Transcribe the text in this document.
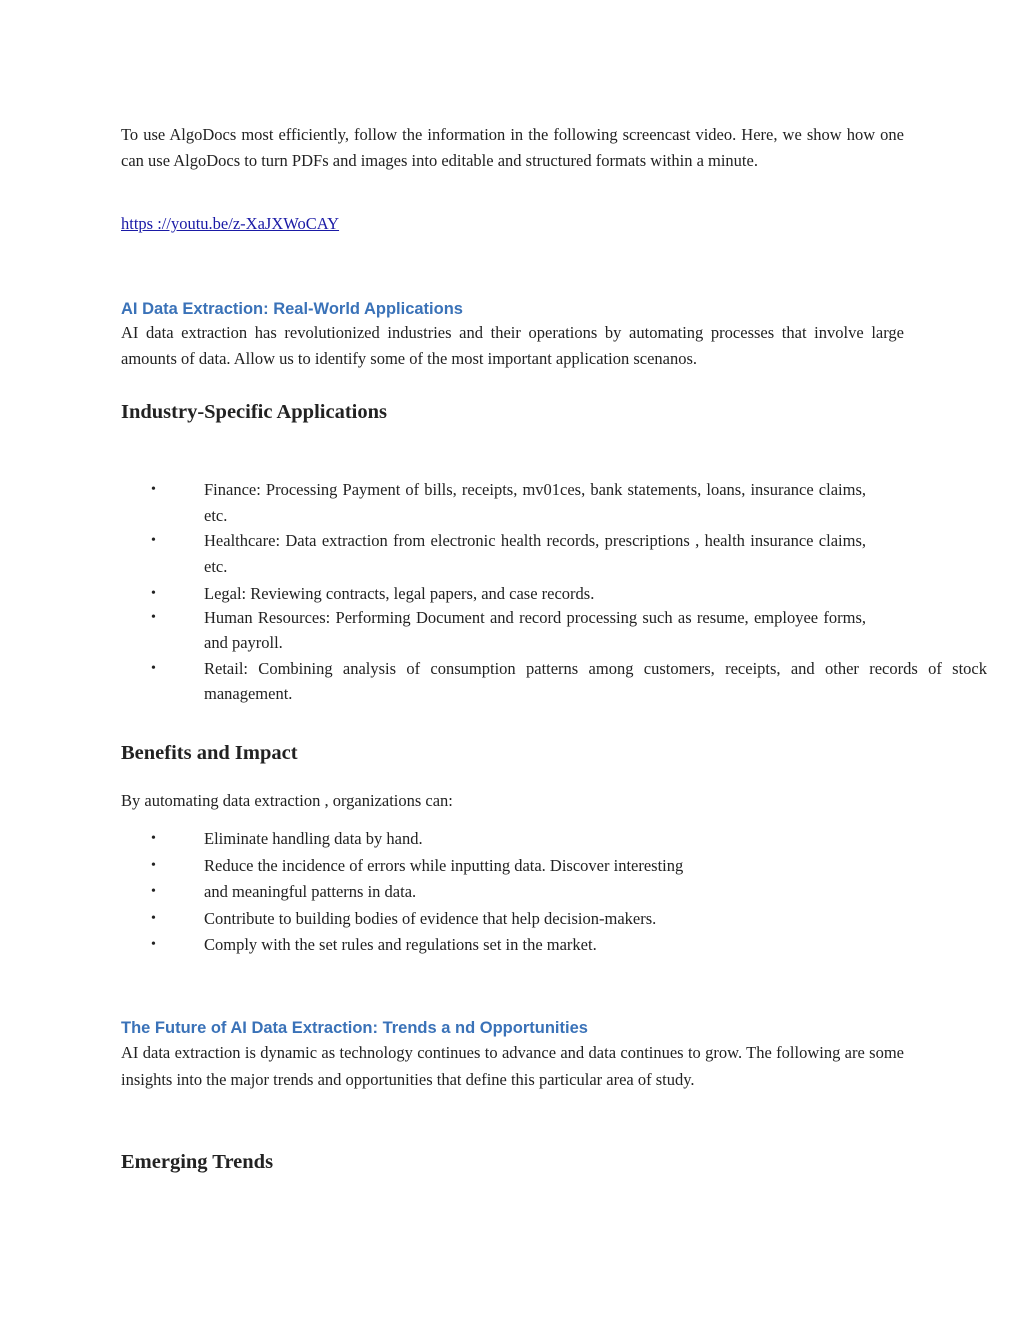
To use AlgoDocs most efficiently, follow the information in the following screencast video. Here, we show how one can use AlgoDocs to turn PDFs and images into editable and structured formats within a minute.

https ://youtu.be/z-XaJXWoCAY
AI Data Extraction: Real-World Applications

AI data extraction has revolutionized industries and their operations by automating processes that involve large amounts of data. Allow us to identify some of the most important application scenanos.

Industry-Specific Applications
•	Finance: Processing Payment of bills, receipts, mv01ces, bank statements, loans, insurance claims, etc.
•	Healthcare: Data extraction from electronic health records, prescriptions , health insurance claims, etc.
•	Legal: Reviewing contracts, legal papers, and case records.
•	Human Resources: Performing Document and record processing such as resume, employee forms, and payroll.
•	Retail: Combining analysis of consumption patterns among customers, receipts, and other records of stock management.
Benefits and Impact

By automating data extraction , organizations can:

•	Eliminate handling data by hand.
•	Reduce the incidence of errors while inputting data. Discover interesting
•	and meaningful patterns in data.
•	Contribute to building bodies of evidence that help decision-makers.
•	Comply with the set rules and regulations set in the market.
The Future of AI Data Extraction: Trends a nd Opportunities

AI data extraction is dynamic as technology continues to advance and data continues to grow. The following are some insights into the major trends and opportunities that define this particular area of study.

Emerging Trends
